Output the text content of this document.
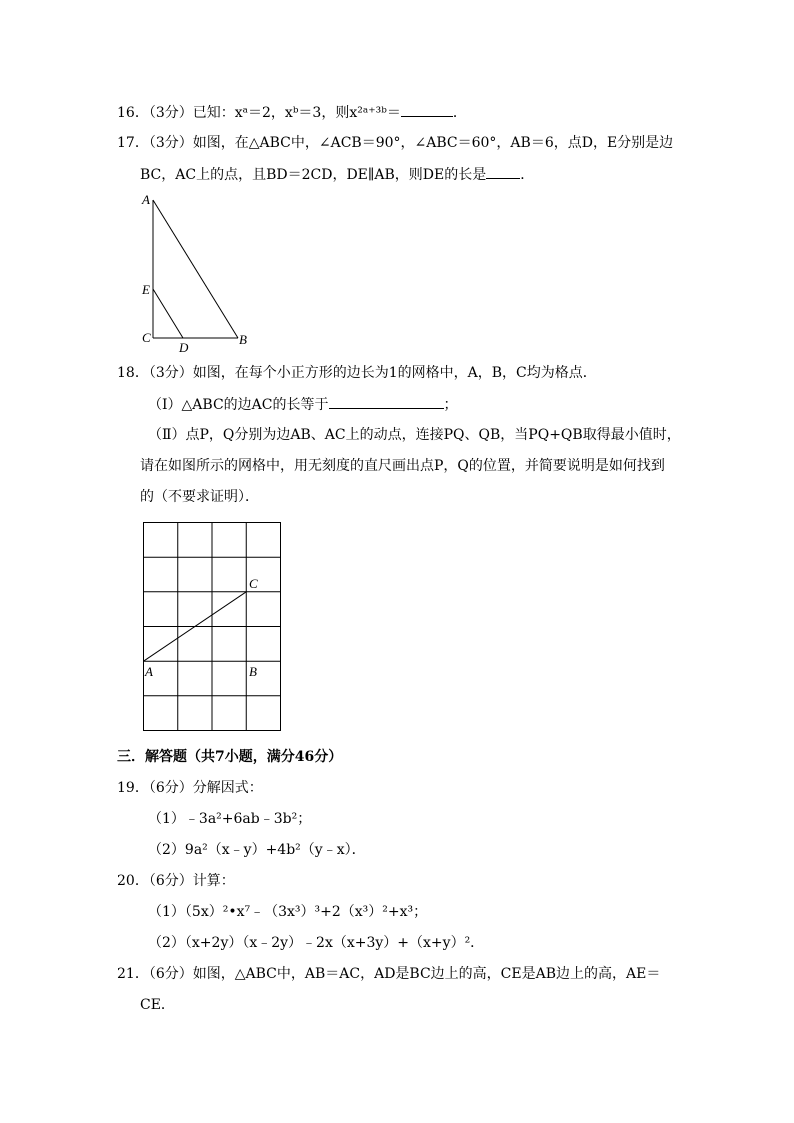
16．（3分）已知：xᵃ＝2，xᵇ＝3，则x²ᵃ⁺³ᵇ＝	．
17．（3分）如图，在△ABC中，∠ACB＝90°，∠ABC＝60°，AB＝6，点D，E分别是边
BC，AC上的点，且BD＝2CD，DE∥AB，则DE的长是 ．
A
E
C
D
B
18．（3分）如图，在每个小正方形的边长为1的网格中，A，B，C均为格点．
（Ⅰ）△ABC的边AC的长等于	；
（Ⅱ）点P，Q分别为边AB、AC上的动点，连接PQ、QB，当PQ+QB取得最小值时，
请在如图所示的网格中，用无刻度的直尺画出点P，Q的位置，并简要说明是如何找到
的（不要求证明）．
C
A	B
三．解答题（共7小题，满分46分）
19．（6分）分解因式：
（1）﹣3a²+6ab﹣3b²；
（2）9a²（x﹣y）+4b²（y﹣x）．
20．（6分）计算：
（1）（5x）²•x⁷﹣（3x³）³+2（x³）²+x³；
（2）（x+2y）（x﹣2y）﹣2x（x+3y）+（x+y）²．
21．（6分）如图，△ABC中，AB＝AC，AD是BC边上的高，CE是AB边上的高，AE＝
CE．
